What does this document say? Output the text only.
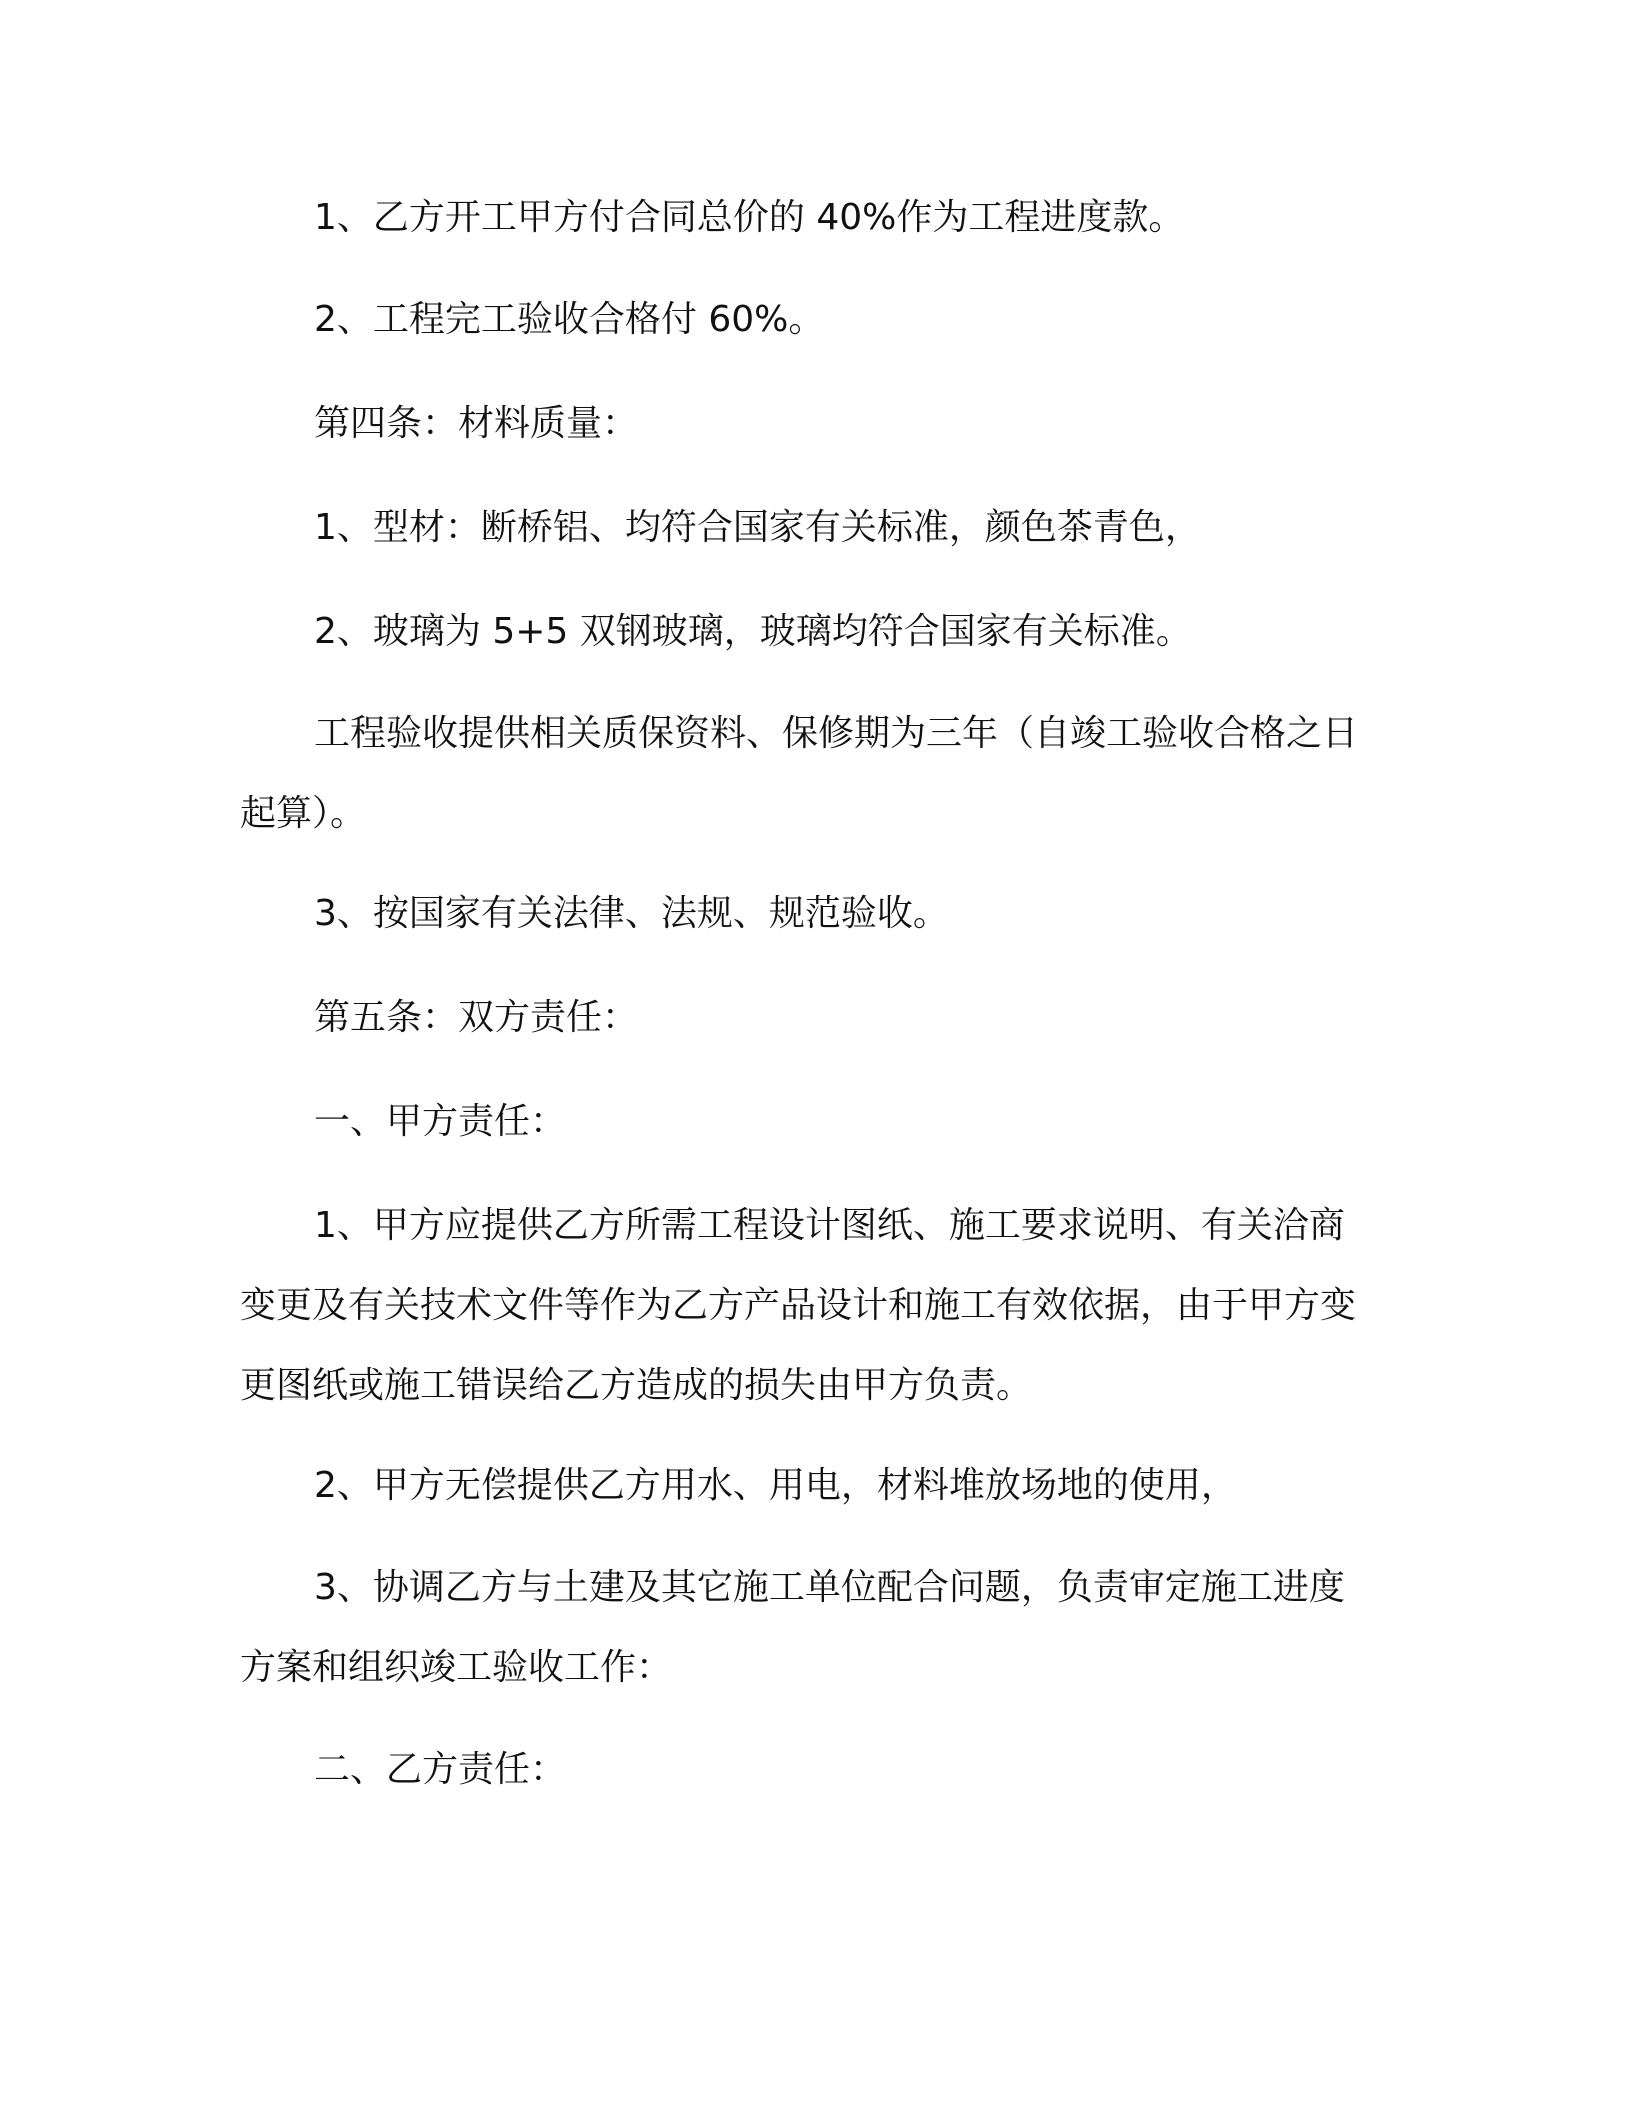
1、乙方开工甲方付合同总价的 40%作为工程进度款。
2、工程完工验收合格付 60%。
第四条：材料质量：
1、型材：断桥铝、均符合国家有关标准，颜色茶青色，
2、玻璃为 5+5 双钢玻璃，玻璃均符合国家有关标准。
工程验收提供相关质保资料、保修期为三年（自竣工验收合格之日起算）。
3、按国家有关法律、法规、规范验收。
第五条：双方责任：
一、甲方责任：
1、甲方应提供乙方所需工程设计图纸、施工要求说明、有关洽商变更及有关技术文件等作为乙方产品设计和施工有效依据，由于甲方变更图纸或施工错误给乙方造成的损失由甲方负责。
2、甲方无偿提供乙方用水、用电，材料堆放场地的使用，
3、协调乙方与土建及其它施工单位配合问题，负责审定施工进度方案和组织竣工验收工作：
二、乙方责任：
